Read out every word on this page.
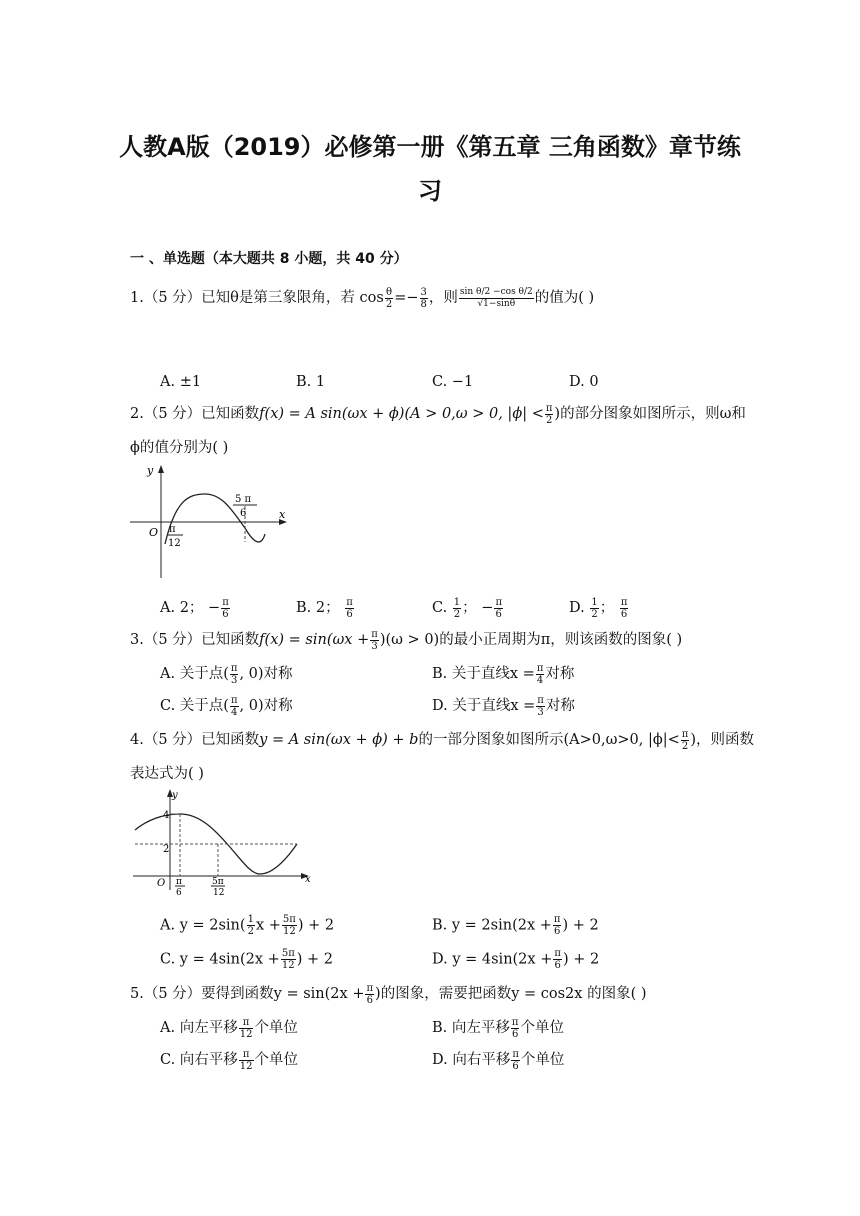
人教A版（2019）必修第一册《第五章 三角函数》章节练
习
一 、单选题（本大题共 8 小题，共 40 分）
1.（5 分）已知θ是第三象限角，若 $\cos \frac{\theta}{2} =- \frac{3}{8}$ ，则 $\frac{\text{sin θ/2 −cos θ/2}}{√1-\sin\theta}$ 的值为( )
A. ±1	B. 1	C. −1	D. 0
2.（5 分）已知函数f(x) = A sin(ωx + ϕ)(A > 0,ω > 0, $|\phi| < \frac{\pi}{2}$ )的部分图象如图所示，则ω和
ϕ的值分别为( )
y
x
O π
12
5 π
6
A. 2； − $\frac{\pi}{6}$	B. 2； $\frac{\pi}{6}$	C. $\frac{1}{2}$ ； − $\frac{\pi}{6}$	D. $\frac{1}{2}$ ； $\frac{\pi}{6}$
3.（5 分）已知函数$f(x) = \sin(\omega x + \frac{\pi}{3} )(\omega > 0)$的最小正周期为π，则该函数的图象( )
A. 关于点( $\frac{\pi}{3}$ , 0)对称	B. 关于直线$x = \frac{\pi}{4}$ 对称
C. 关于点( $\frac{\pi}{4}$ , 0)对称	D. 关于直线$x = \frac{\pi}{3}$ 对称
4.（5 分）已知函数y = A sin(ωx + ϕ) + b的一部分图象如图所示(A>0,ω>0, $|\phi|< \frac{\pi}{2}$ )，则函数
表达式为( )
4
2
y
x
O π
6
5π
12
A. $y = 2\sin( \frac{1}{2}$ $x + \frac{5\pi}{12}$ ) + 2	B. $y = 2\sin(2x + \frac{\pi}{6}$ ) + 2
C. $y = 4\sin(2x + \frac{5\pi}{12}$ ) + 2	D. $y = 4\sin(2x + \frac{\pi}{6}$ ) + 2
5.（5 分）要得到函数$y = \sin(2x + \frac{\pi}{6}$ )的图象，需要把函数y = cos2x 的图象( )
A. 向左平移 $\frac{\pi}{12}$ 个单位	B. 向左平移 $\frac{\pi}{6}$ 个单位
C. 向右平移 $\frac{\pi}{12}$ 个单位	D. 向右平移 $\frac{\pi}{6}$ 个单位
